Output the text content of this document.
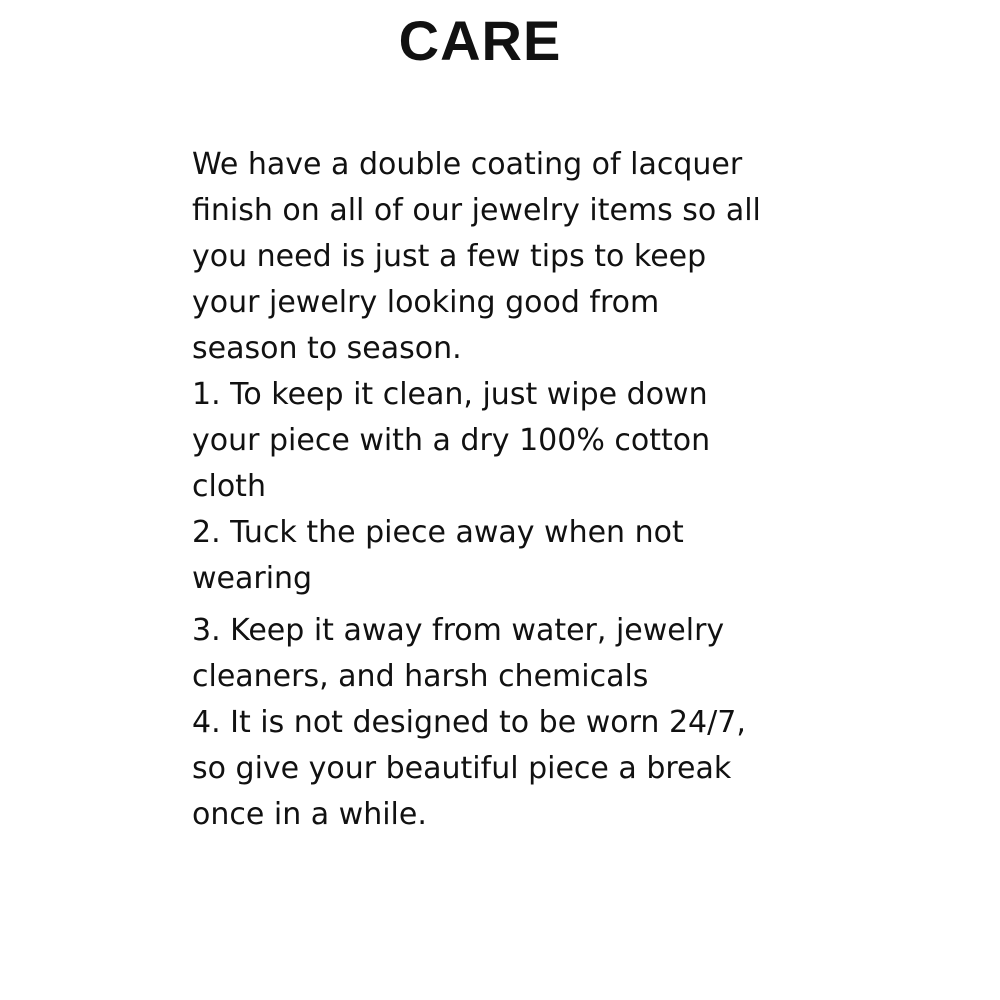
CARE

We have a double coating of lacquer

finish on all of our jewelry items so all

you need is just a few tips to keep

your jewelry looking good from

season to season.

1. To keep it clean, just wipe down

your piece with a dry 100% cotton

cloth

2. Tuck the piece away when not

wearing

3. Keep it away from water, jewelry

cleaners, and harsh chemicals

4. It is not designed to be worn 24/7,

so give your beautiful piece a break

once in a while.
